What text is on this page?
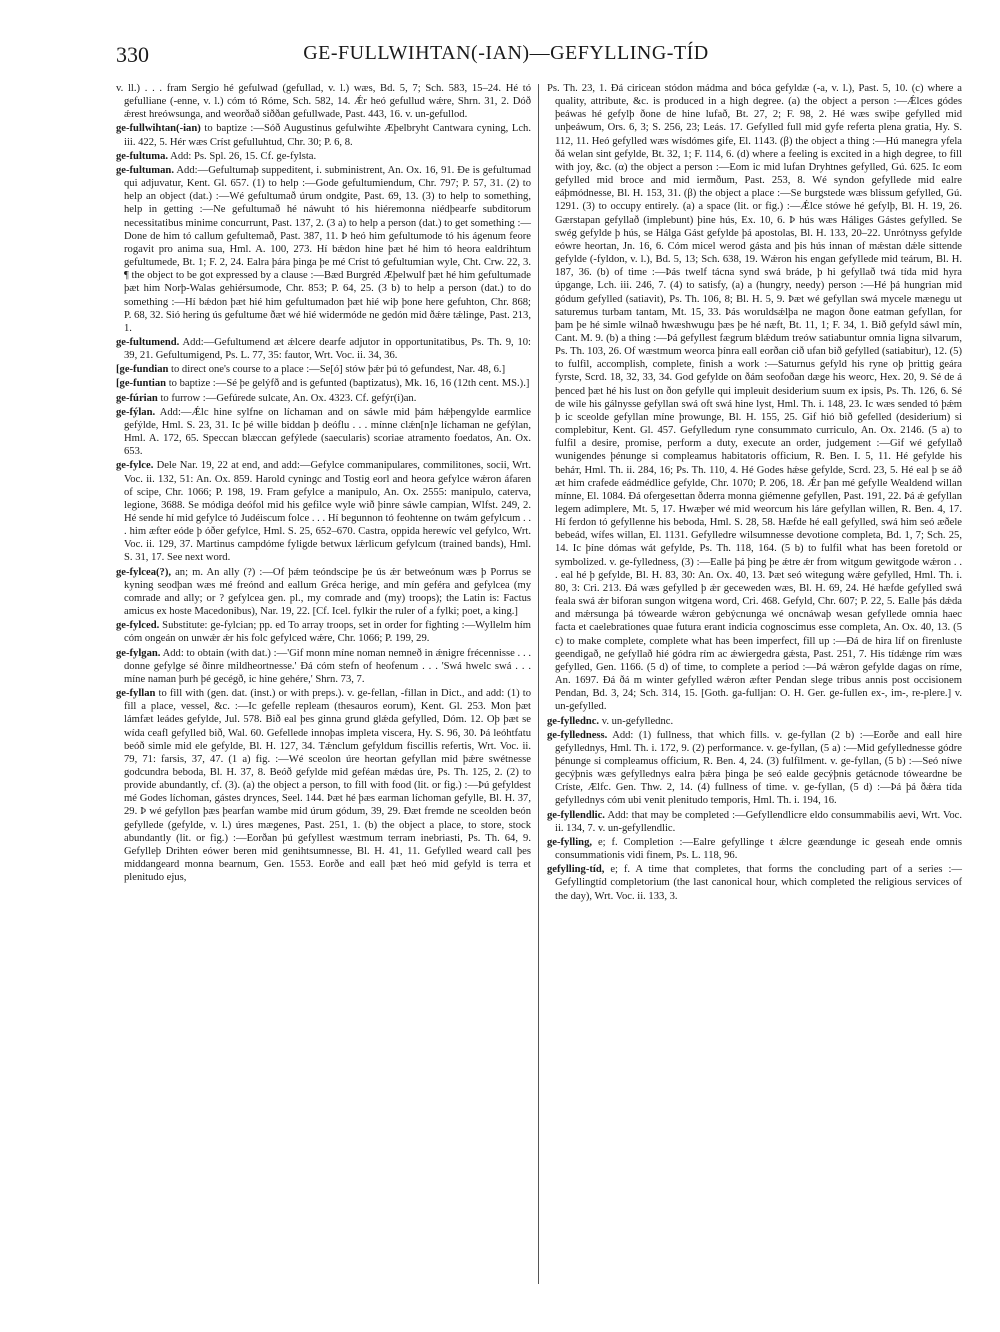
330	GE-FULLWIHTAN(-IAN)—GEFYLLING-TÍD

v. ll.) . . . fram Sergio hé gefulwad (gefullad, v. l.) wæs, Bd. 5, 7; Sch. 583, 15–24. Hé tó gefulliane (-enne, v. l.) cóm tó Róme, Sch. 582, 14. Ǽr heó gefullud wǽre, Shrn. 31, 2. Dóð ǽrest hreówsunga, and weorðað siððan gefullwade, Past. 443, 16. v. un-gefullod.

ge-fullwihtan(-ian) to baptize :—Sóð Augustinus gefulwihte Æþelbryht Cantwara cyning, Lch. iii. 422, 5. Hér wæs Críst gefulluhtud, Chr. 30; P. 6, 8.

ge-fultuma. Add: Ps. Spl. 26, 15. Cf. ge-fylsta.

ge-fultuman. Add:—Gefultumaþ suppeditent, i. subministrent, An. Ox. 16, 91. Ðe is gefultumad qui adjuvatur, Kent. Gl. 657. (1) to help :—Gode gefultumiendum, Chr. 797; P. 57, 31. (2) to help an object (dat.) :—Wé gefultumað úrum ondgite, Past. 69, 13. (3) to help to something, help in getting :—Ne gefultumað hé náwuht tó his hiéremonna niédþearfe subditorum necessitatibus minime concurrunt, Past. 137, 2. (3 a) to help a person (dat.) to get something :—Done de him tó callum gefultemað, Past. 387, 11. Þ heó him gefultumode tó his ágenum feore rogavit pro anima sua, Hml. A. 100, 273. Hí bǽdon hine þæt hé him tó heora ealdrihtum gefultumede, Bt. 1; F. 2, 24. Ealra þára þinga þe mé Críst tó gefultumian wyle, Cht. Crw. 22, 3. ¶ the object to be got expressed by a clause :—Bæd Burgréd Æþelwulf þæt hé him gefultumade þæt him Norþ-Walas gehiérsumode, Chr. 853; P. 64, 25. (3 b) to help a person (dat.) to do something :—Hí bǽdon þæt hié him gefultumadon þæt hié wiþ þone here gefuhton, Chr. 868; P. 68, 32. Sió hering ús gefultume ðæt wé hié widermóde ne gedón mid ðǽre tǽlinge, Past. 213, 1.

ge-fultumend. Add:—Gefultumend æt ǽlcere dearfe adjutor in opportunitatibus, Ps. Th. 9, 10: 39, 21. Gefultumigend, Ps. L. 77, 35: fautor, Wrt. Voc. ii. 34, 36.

[ge-fundian to direct one's course to a place :—Se[ó] stów þǽr þú tó gefundest, Nar. 48, 6.]

[ge-funtian to baptize :—Sé þe gelýfð and is gefunted (baptizatus), Mk. 16, 16 (12th cent. MS.).]

ge-fúrian to furrow :—Gefúrede sulcate, An. Ox. 4323. Cf. gefýr(i)an.

ge-fýlan. Add:—Ǽlc hine sylfne on líchaman and on sáwle mid þám hǽþengylde earmlice gefýlde, Hml. S. 23, 31. Ic þé wille biddan þ deóflu . . . mínne clǽn[n]e líchaman ne gefýlan, Hml. A. 172, 65. Speccan blæccan gefýlede (saecularis) scoriae atramento foedatos, An. Ox. 653.

ge-fylce. Dele Nar. 19, 22 at end, and add:—Gefylce commanipulares, commilitones, socii, Wrt. Voc. ii. 132, 51: An. Ox. 859. Harold cyningc and Tostig eorl and heora gefylce wǽron áfaren of scipe, Chr. 1066; P. 198, 19. Fram gefylce a manipulo, An. Ox. 2555: manipulo, caterva, legione, 3688. Se módiga deófol mid his gefilce wyle wið þinre sáwle campian, Wlfst. 249, 2. Hé sende hí mid gefylce tó Judéiscum folce . . . Hí begunnon tó feohtenne on twám gefylcum . . . him æfter eóde þ óðer gefylce, Hml. S. 25, 652–670. Castra, oppida herewíc vel gefylco, Wrt. Voc. ii. 129, 37. Martinus campdóme fyligde betwux lǽrlicum gefylcum (trained bands), Hml. S. 31, 17. See next word.

ge-fylcea(?), an; m. An ally (?) :—Of þǽm teóndscipe þe ús ǽr betweónum wæs þ Porrus se kyning seodþan wæs mé freónd and eallum Gréca herige, and mín geféra and gefylcea (my comrade and ally; or ? gefylcea gen. pl., my comrade and (my) troops); the Latin is: Factus amicus ex hoste Macedonibus), Nar. 19, 22. [Cf. Icel. fylkir the ruler of a fylki; poet, a king.]

ge-fylced. Substitute: ge-fylcian; pp. ed To array troops, set in order for fighting :—Wyllelm hím cóm ongeán on unwǽr ǽr his folc gefylced wǽre, Chr. 1066; P. 199, 29.

ge-fylgan. Add: to obtain (with dat.) :—'Gif monn míne noman nemneð in ǽnigre frécennisse . . . donne gefylge sé ðinre mildheortnesse.' Ðá cóm stefn of heofenum . . . 'Swá hwelc swá . . . míne naman þurh þé gecégð, ic hine gehére,' Shrn. 73, 7.

ge-fyllan to fill with (gen. dat. (inst.) or with preps.). v. ge-fellan, -fillan in Dict., and add: (1) to fill a place, vessel, &c. :—Ic gefelle repleam (thesauros eorum), Kent. Gl. 253. Mon þæt lámfæt leádes gefylde, Jul. 578. Bið eal þes ginna grund glǽda gefylled, Dóm. 12. Oþ þæt se wída ceafl gefylled bið, Wal. 60. Gefellede innoþas impleta viscera, Hy. S. 96, 30. Þá leóhtfatu beóð simle mid ele gefylde, Bl. H. 127, 34. Tǽnclum gefyldum fiscillis refertis, Wrt. Voc. ii. 79, 71: farsis, 37, 47. (1 a) fig. :—Wé sceolon úre heortan gefyllan mid þǽre swétnesse godcundra beboda, Bl. H. 37, 8. Beóð gefylde mid geféan mǽdas úre, Ps. Th. 125, 2. (2) to provide abundantly, cf. (3). (a) the object a person, to fill with food (lit. or fig.) :—Þú gefyldest mé Godes líchoman, gástes drynces, Seel. 144. Þæt hé þæs earman líchoman gefylle, Bl. H. 37, 29. Þ wé gefyllon þæs þearfan wambe mid úrum gódum, 39, 29. Ðæt fremde ne sceolden beón gefyllede (gefylde, v. l.) úres mægenes, Past. 251, 1. (b) the object a place, to store, stock abundantly (lit. or fig.) :—Eorðan þú gefyllest wæstmum terram inebriasti, Ps. Th. 64, 9. Gefylleþ Drihten eówer beren mid genihtsumnesse, Bl. H. 41, 11. Gefylled weard call þes middangeard monna bearnum, Gen. 1553. Eorðe and eall þæt heó mid gefyld is terra et plenitudo ejus,

Ps. Th. 23, 1. Ðá ciricean stódon mádma and bóca gefyldæ (-a, v. l.), Past. 5, 10. (c) where a quality, attribute, &c. is produced in a high degree. (a) the object a person :—Ǽlces gódes þeáwas hé gefylþ ðone de hine lufað, Bt. 27, 2; F. 98, 2. Hé wæs swiþe gefylled mid unþeáwum, Ors. 6, 3; S. 256, 23; Leás. 17. Gefylled full mid gyfe referta plena gratia, Hy. S. 112, 11. Heó gefylled wæs wísdómes gife, El. 1143. (β) the object a thing :—Hú manegra yfela ðá welan sint gefylde, Bt. 32, 1; F. 114, 6. (d) where a feeling is excited in a high degree, to fill with joy, &c. (α) the object a person :—Eom ic mid lufan Dryhtnes gefylled, Gú. 625. Ic eom gefylled mid broce and mid iermðum, Past. 253, 8. Wé syndon gefyllede mid ealre eáþmódnesse, Bl. H. 153, 31. (β) the object a place :—Se burgstede wæs blissum gefylled, Gú. 1291. (3) to occupy entirely. (a) a space (lit. or fig.) :—Ǽlce stówe hé gefylþ, Bl. H. 19, 26. Gærstapan gefyllað (implebunt) þine hús, Ex. 10, 6. Þ hús wæs Háliges Gástes gefylled. Se swég gefylde þ hús, se Hálga Gást gefylde þá apostolas, Bl. H. 133, 20–22. Unrótnyss gefylde eówre heortan, Jn. 16, 6. Cóm micel werod gásta and þis hús innan of mǽstan dǽle sittende gefylde (-fyldon, v. l.), Bd. 5, 13; Sch. 638, 19. Wǽron his engan gefyllede mid teárum, Bl. H. 187, 36. (b) of time :—Þás twelf tácna synd swá bráde, þ hi gefyllað twá tída mid hyra úpgange, Lch. iii. 246, 7. (4) to satisfy, (a) a (hungry, needy) person :—Hé þá hungrian mid gódum gefylled (satiavit), Ps. Th. 106, 8; Bl. H. 5, 9. Þæt wé gefyllan swá mycele mænegu ut saturemus turbam tantam, Mt. 15, 33. Þás woruldsǽlþa ne magon ðone eatman gefyllan, for þam þe hé simle wilnað hwæshwugu þæs þe hé næft, Bt. 11, 1; F. 34, 1. Bið gefyld sáwl mín, Cant. M. 9. (b) a thing :—Þá gefyllest fægrum blǽdum treów satiabuntur omnia ligna silvarum, Ps. Th. 103, 26. Of wæstmum weorca þínra eall eorðan cið ufan bið gefylled (satiabitur), 12. (5) to fulfil, accomplish, complete, finish a work :—Saturnus gefyld his ryne oþ þrittig geára fyrste, Scrd. 18, 32, 33, 34. God gefylde on ðám seofoðan dæge his weorc, Hex. 20, 9. Sé de á þenced þæt hé his lust on ðon gefylle qui impleuit desiderium suum ex ipsis, Ps. Th. 126, 6. Sé de wile his gálnysse gefyllan swá oft swá hine lyst, Hml. Th. i. 148, 23. Ic wæs sended tó þǽm þ ic sceolde gefyllan míne þrowunge, Bl. H. 155, 25. Gif hió bið gefelled (desiderium) si complebitur, Kent. Gl. 457. Gefylledum ryne consummato curriculo, An. Ox. 2146. (5 a) to fulfil a desire, promise, perform a duty, execute an order, judgement :—Gif wé gefyllað wunigendes þénunge si compleamus habitatoris officium, R. Ben. I. 5, 11. Hé gefylde his beháт, Hml. Th. ii. 284, 16; Ps. Th. 110, 4. Hé Godes hǽse gefylde, Scrd. 23, 5. Hé eal þ se áð æt him crafede eádmédlice gefylde, Chr. 1070; P. 206, 18. Ǽr þan mé gefylle Wealdend willan mínne, El. 1084. Ðá ofergesettan ðderra monna giémenne gefyllen, Past. 191, 22. Þá ǽ gefyllan legem adimplere, Mt. 5, 17. Hwæþer wé mid weorcum his láre gefyllan willen, R. Ben. 4, 17. Hí ferdon tó gefyllenne his beboda, Hml. S. 28, 58. Hæfde hé eall gefylled, swá him seó æðele bebeád, wífes willan, El. 1131. Gefylledre wilsumnesse devotione completa, Bd. 1, 7; Sch. 25, 14. Ic þíne dómas wát gefylde, Ps. Th. 118, 164. (5 b) to fulfil what has been foretold or symbolized. v. ge-fylledness, (3) :—Ealle þá þing þe ǽtre ǽr from witgum gewitgode wǽron . . . eal hé þ gefylde, Bl. H. 83, 30: An. Ox. 40, 13. Þæt seó witegung wǽre gefylled, Hml. Th. i. 80, 3: Cri. 213. Ðá wæs gefylled þ ǽr geceweden wæs, Bl. H. 69, 24. Hé hæfde gefylled swá feala swá ǽr biforan sungon witgena word, Cri. 468. Gefyld, Chr. 607; P. 22, 5. Ealle þás dǽda and mǽrsunga þá tówearde wǽron gebýcnunga wé oncnáwaþ wesan gefyllede omnia haec facta et caelebrationes quae futura erant indicia cognoscimus esse completa, An. Ox. 40, 13. (5 c) to make complete, complete what has been imperfect, fill up :—Ðá de hira líf on firenluste geendigað, ne gefyllað hié gódra rím ac ǽwiergedra gǽsta, Past. 251, 7. His tídǽnge rím wæs gefylled, Gen. 1166. (5 d) of time, to complete a period :—Þá wǽron gefylde dagas on ríme, An. 1697. Ðá ðá m winter gefylled wǽron æfter Pendan slege tribus annis post occisionem Pendan, Bd. 3, 24; Sch. 314, 15. [Goth. ga-fulljan: O. H. Ger. ge-fullen ex-, im-, re-plere.] v. un-gefylled.

ge-fyllednc. v. un-gefyllednc.

ge-fylledness. Add: (1) fullness, that which fills. v. ge-fyllan (2 b) :—Eorðe and eall hire gefyllednys, Hml. Th. i. 172, 9. (2) performance. v. ge-fyllan, (5 a) :—Mid gefyllednesse gódre þénunge si compleamus officium, R. Ben. 4, 24. (3) fulfilment. v. ge-fyllan, (5 b) :—Seó níwe gecýþnis wæs gefyllednys ealra þǽra þinga þe seó ealde gecýþnis getácnode tóweardne be Críste, Ælfc. Gen. Thw. 2, 14. (4) fullness of time. v. ge-fyllan, (5 d) :—Þá þá ðǽra tída gefyllednys cóm ubi venit plenitudo temporis, Hml. Th. i. 194, 16.

ge-fyllendlic. Add: that may be completed :—Gefyllendlicre eldo consummabilis aevi, Wrt. Voc. ii. 134, 7. v. un-gefyllendlic.

ge-fylling, e; f. Completion :—Ealre gefyllinge t ǽlcre geændunge ic geseah ende omnis consummationis vidi finem, Ps. L. 118, 96.

gefylling-tíd, e; f. A time that completes, that forms the concluding part of a series :—Gefyllingtíd completorium (the last canonical hour, which completed the religious services of the day), Wrt. Voc. ii. 133, 3.
